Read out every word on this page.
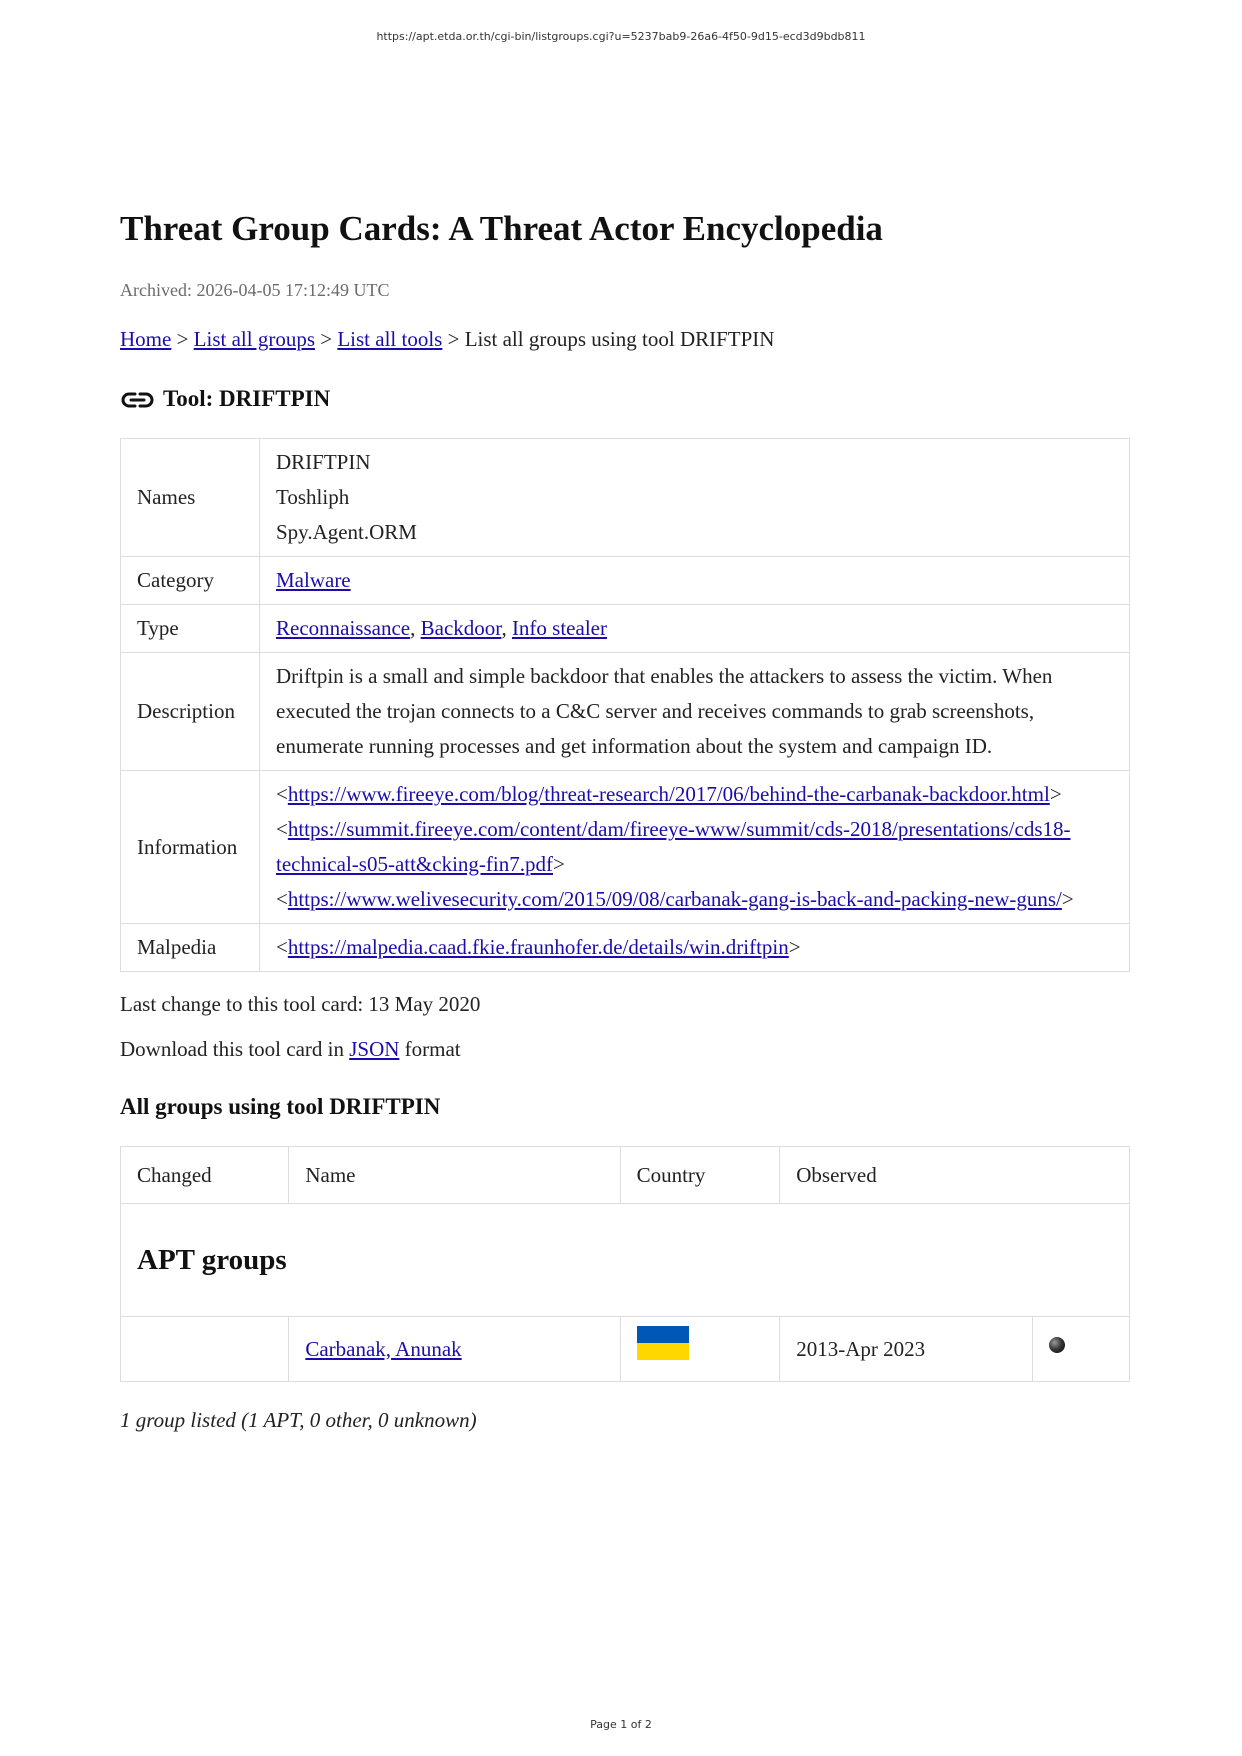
https://apt.etda.or.th/cgi-bin/listgroups.cgi?u=5237bab9-26a6-4f50-9d15-ecd3d9bdb811
Threat Group Cards: A Threat Actor Encyclopedia
Archived: 2026-04-05 17:12:49 UTC
Home > List all groups > List all tools > List all groups using tool DRIFTPIN
Tool: DRIFTPIN
Names	DRIFTPIN
Toshliph
Spy.Agent.ORM

Category	Malware
Type	Reconnaissance, Backdoor, Info stealer
Description	Driftpin is a small and simple backdoor that enables the attackers to assess the victim. When executed the trojan connects to a C&C server and receives commands to grab screenshots, enumerate running processes and get information about the system and campaign ID.
Information	<https://www.fireeye.com/blog/threat-research/2017/06/behind-the-carbanak-backdoor.html>
<https://summit.fireeye.com/content/dam/fireeye-www/summit/cds-2018/presentations/cds18-technical-s05-att&cking-fin7.pdf>
<https://www.welivesecurity.com/2015/09/08/carbanak-gang-is-back-and-packing-new-guns/>

Malpedia	<https://malpedia.caad.fkie.fraunhofer.de/details/win.driftpin>
Last change to this tool card: 13 May 2020
Download this tool card in JSON format
All groups using tool DRIFTPIN
Changed	Name	Country	Observed	
APT groups				
	Carbanak, Anunak		2013-Apr 2023	
1 group listed (1 APT, 0 other, 0 unknown)
Page 1 of 2
